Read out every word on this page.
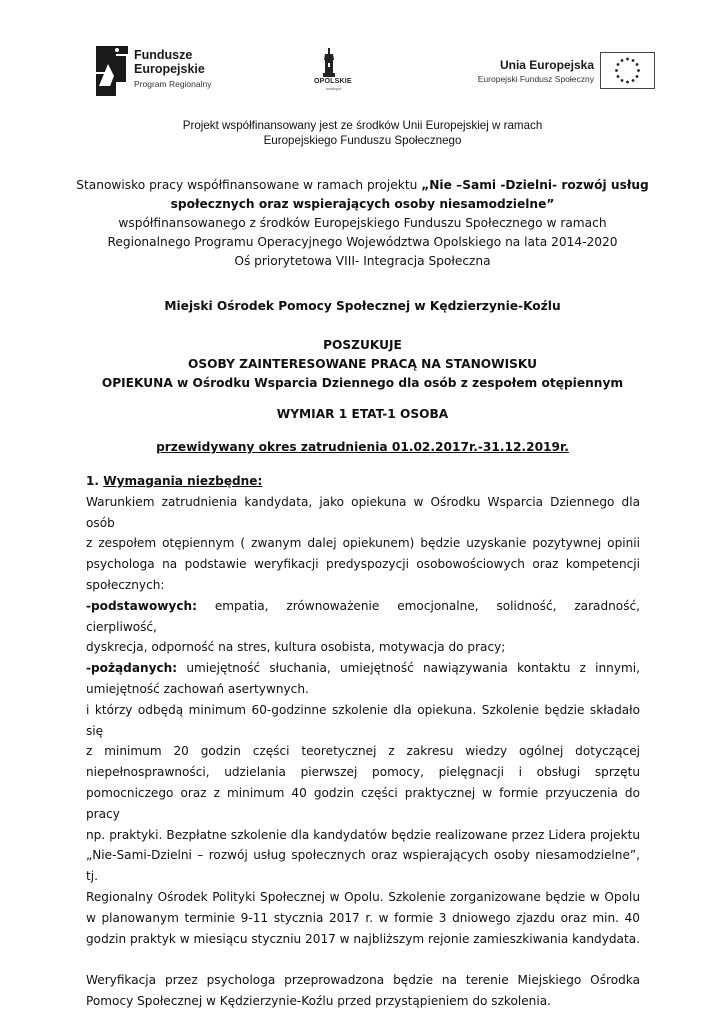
Fundusze
Europejskie
Program Regionalny	OPOLSKIE
kwitnące
Unia Europejska
Europejski Fundusz Społeczny
Projekt współfinansowany jest ze środków Unii Europejskiej w ramach
Europejskiego Funduszu Społecznego
Stanowisko pracy współfinansowane w ramach projektu „Nie –Sami -Dzielni- rozwój usług
społecznych oraz wspierających osoby niesamodzielne”
współfinansowanego z środków Europejskiego Funduszu Społecznego w ramach
Regionalnego Programu Operacyjnego Województwa Opolskiego na lata 2014-2020
Oś priorytetowa VIII- Integracja Społeczna
Miejski Ośrodek Pomocy Społecznej w Kędzierzynie-Koźlu
POSZUKUJE
OSOBY ZAINTERESOWANE PRACĄ NA STANOWISKU
OPIEKUNA w Ośrodku Wsparcia Dziennego dla osób z zespołem otępiennym
WYMIAR 1 ETAT-1 OSOBA
przewidywany okres zatrudnienia 01.02.2017r.-31.12.2019r.
1. Wymagania niezbędne:
Warunkiem zatrudnienia kandydata, jako opiekuna w Ośrodku Wsparcia Dziennego dla osób
z zespołem otępiennym ( zwanym dalej opiekunem) będzie uzyskanie pozytywnej opinii
psychologa na podstawie weryfikacji predyspozycji osobowościowych oraz kompetencji
społecznych:
-podstawowych: empatia, zrównoważenie emocjonalne, solidność, zaradność, cierpliwość,
dyskrecja, odporność na stres, kultura osobista, motywacja do pracy;
-pożądanych: umiejętność słuchania, umiejętność nawiązywania kontaktu z innymi,
umiejętność zachowań asertywnych.
i którzy odbędą minimum 60-godzinne szkolenie dla opiekuna. Szkolenie będzie składało się
z minimum 20 godzin części teoretycznej z zakresu wiedzy ogólnej dotyczącej
niepełnosprawności, udzielania pierwszej pomocy, pielęgnacji i obsługi sprzętu
pomocniczego oraz z minimum 40 godzin części praktycznej w formie przyuczenia do pracy
np. praktyki. Bezpłatne szkolenie dla kandydatów będzie realizowane przez Lidera projektu
„Nie-Sami-Dzielni – rozwój usług społecznych oraz wspierających osoby niesamodzielne”, tj.
Regionalny Ośrodek Polityki Społecznej w Opolu. Szkolenie zorganizowane będzie w Opolu
w planowanym terminie 9-11 stycznia 2017 r. w formie 3 dniowego zjazdu oraz min. 40
godzin praktyk w miesiącu styczniu 2017 w najbliższym rejonie zamieszkiwania kandydata.
Weryfikacja przez psychologa przeprowadzona będzie na terenie Miejskiego Ośrodka
Pomocy Społecznej w Kędzierzynie-Koźlu przed przystąpieniem do szkolenia.
